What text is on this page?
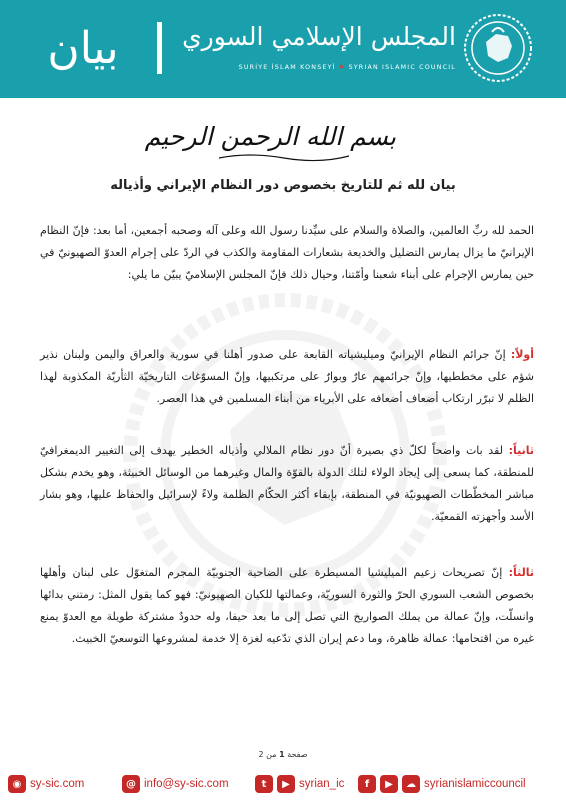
بيان	المجلس الإسلامي السوري
SURİYE İSLAM KONSEYİ ✱ SYRIAN ISLAMIC COUNCIL
بسم الله الرحمن الرحيم
بيان لله ثم للتاريخ بخصوص دور النظام الإيراني وأذياله
الحمد لله ربِّ العالمين، والصلاة والسلام على سيِّدنا رسول الله وعلى آله وصحبه أجمعين، أما بعد: فإنّ النظام الإيرانيّ ما يزال يمارس التضليل والخديعة بشعارات المقاومة والكذب في الردّ على إجرام العدوّ الصهيونيّ في حين يمارس الإجرام على أبناء شعبنا وأمّتنا، وحيال ذلك فإنّ المجلس الإسلاميّ يبيّن ما يلي:
أولاً: إنّ جرائم النظام الإيرانيّ وميليشياته القابعة على صدور أهلنا في سورية والعراق واليمن ولبنان نذير شؤم على مخططيها، وإنّ جرائمهم عارٌ وبوارٌ على مرتكبيها، وإنّ المسوّغات التاريخيّة الثأريّة المكذوبة لهذا الظلم لا تبرّر ارتكاب أضعاف أضعافه على الأبرياء من أبناء المسلمين في هذا العصر.
ثانياً: لقد بات واضحاً لكلّ ذي بصيرة أنّ دور نظام الملالي وأذياله الخطير يهدف إلى التغيير الديمغرافيّ للمنطقة، كما يسعى إلى إيجاد الولاء لتلك الدولة بالقوّة والمال وغيرهما من الوسائل الخبيثة، وهو يخدم بشكل مباشر المخطّطات الصهيونيّة في المنطقة، بإبقاء أكثر الحكّام الظلمة ولاءً لإسرائيل والحفاظ عليها، وهو بشار الأسد وأجهزته القمعيّة.
ثالثاً: إنّ تصريحات زعيم الميليشيا المسيطرة على الضاحية الجنوبيّة المجرم المتغوّل على لبنان وأهلها بخصوص الشعب السوري الحرّ والثورة السوريّة، وعمالتها للكيان الصهيونيّ: فهو كما يقول المثل: رمتني بدائها وانسلّت، وإنّ عمالة من يملك الصواريخ التي تصل إلى ما بعد حيفا، وله حدودٌ مشتركة طويلة مع العدوّ يمنع غيره من اقتحامها: عمالة ظاهرة، وما دعم إيران الذي تدّعيه لغزة إلا خدمة لمشروعها التوسعيّ الخبيث.
صفحة 1 من 2
◉ sy-sic.com	@ info@sy-sic.com	t	▶ syrian_ic	f	▶	☁ syrianislamiccouncil
